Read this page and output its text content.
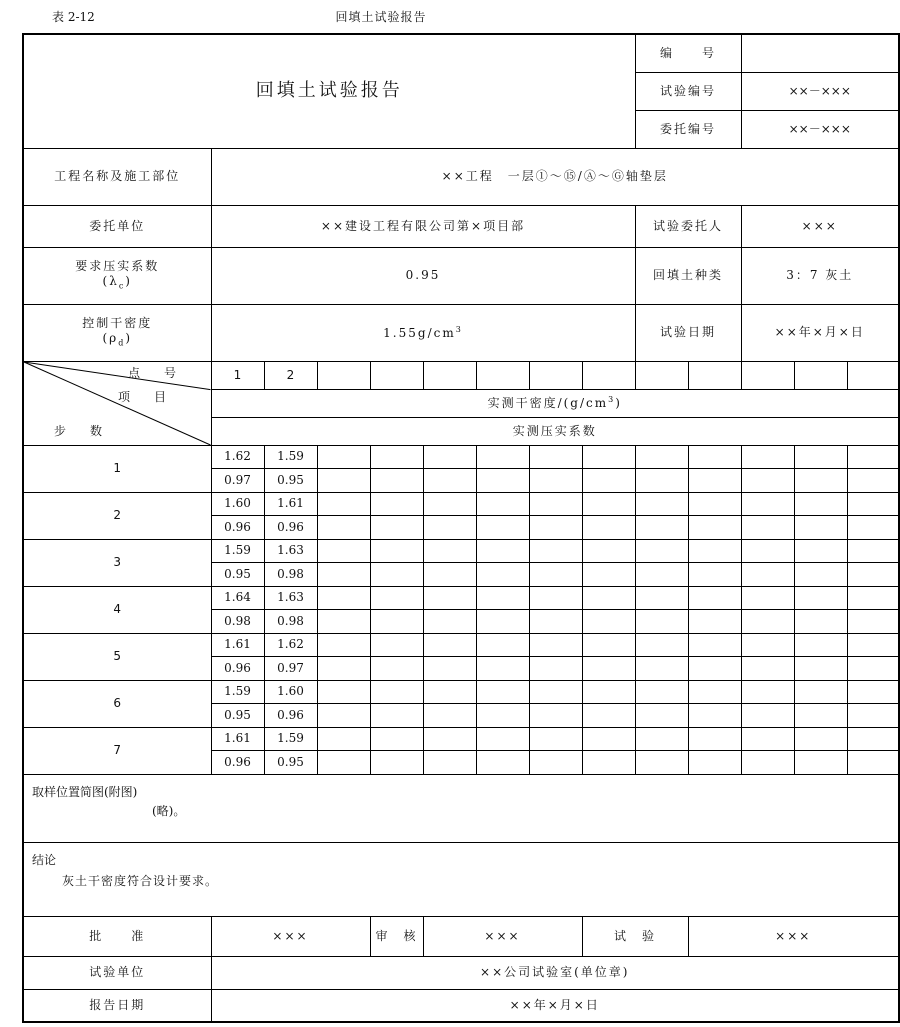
表 2-12	回填土试验报告
回填土试验报告									编　　号				
									试验编号		××－×××		
									委托编号		××－×××		
工程名称及施工部位	××工程　一层①～⑮/Ⓐ～Ⓖ轴垫层												
委托单位	××建设工程有限公司第×项目部								试验委托人		×××		

要求压实系数
$(\lambda_c)$	0.95								回填土种类		3：7 灰土		

控制干密度
$(\rho_d)$	$1.55g/cm^3$								试验日期		××年×月×日		

点　　号
项　　目
步　　数	1	2											
	实测干密度$/(g/cm^3)$												
	实测压实系数												
1	1.62	1.59											
	0.97	0.95											
2	1.60	1.61											
	0.96	0.96											
3	1.59	1.63											
	0.95	0.98											
4	1.64	1.63											
	0.98	0.98											
5	1.61	1.62											
	0.96	0.97											
6	1.59	1.60											
	0.95	0.96											
7	1.61	1.59											
	0.96	0.95											

取样位置简图(附图)
(略)。													

结论
灰土干密度符合设计要求。													

批　　准	×××			审　核	×××			试　验		×××			
试验单位	××公司试验室(单位章)												
报告日期	××年×月×日												
